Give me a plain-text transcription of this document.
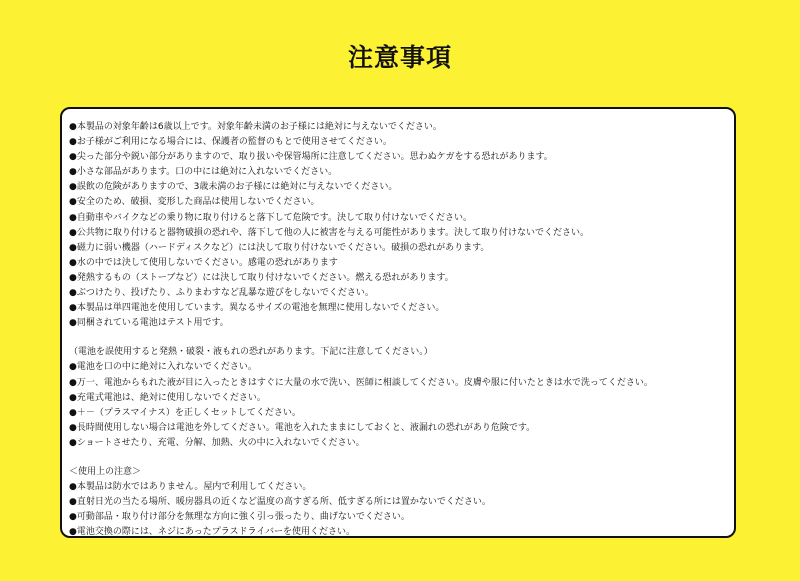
注意事項
●本製品の対象年齢は6歳以上です。対象年齢未満のお子様には絶対に与えないでください。
●お子様がご利用になる場合には、保護者の監督のもとで使用させてください。
●尖った部分や鋭い部分がありますので、取り扱いや保管場所に注意してください。思わぬケガをする恐れがあります。
●小さな部品があります。口の中には絶対に入れないでください。
●誤飲の危険がありますので、3歳未満のお子様には絶対に与えないでください。
●安全のため、破損、変形した商品は使用しないでください。
●自動車やバイクなどの乗り物に取り付けると落下して危険です。決して取り付けないでください。
●公共物に取り付けると器物破損の恐れや、落下して他の人に被害を与える可能性があります。決して取り付けないでください。
●磁力に弱い機器（ハードディスクなど）には決して取り付けないでください。破損の恐れがあります。
●水の中では決して使用しないでください。感電の恐れがあります
●発熱するもの（ストーブなど）には決して取り付けないでください。燃える恐れがあります。
●ぶつけたり、投げたり、ふりまわすなど乱暴な遊びをしないでください。
●本製品は単四電池を使用しています。異なるサイズの電池を無理に使用しないでください。
●同梱されている電池はテスト用です。
（電池を誤使用すると発熱・破裂・液もれの恐れがあります。下記に注意してください。）
●電池を口の中に絶対に入れないでください。
●万一、電池からもれた液が目に入ったときはすぐに大量の水で洗い、医師に相談してください。皮膚や服に付いたときは水で洗ってください。
●充電式電池は、絶対に使用しないでください。
●＋－（プラスマイナス）を正しくセットしてください。
●長時間使用しない場合は電池を外してください。電池を入れたままにしておくと、液漏れの恐れがあり危険です。
●ショートさせたり、充電、分解、加熱、火の中に入れないでください。
＜使用上の注意＞
●本製品は防水ではありません。屋内で利用してください。
●直射日光の当たる場所、暖房器具の近くなど温度の高すぎる所、低すぎる所には置かないでください。
●可動部品・取り付け部分を無理な方向に強く引っ張ったり、曲げないでください。
●電池交換の際には、ネジにあったプラスドライバーを使用ください。
